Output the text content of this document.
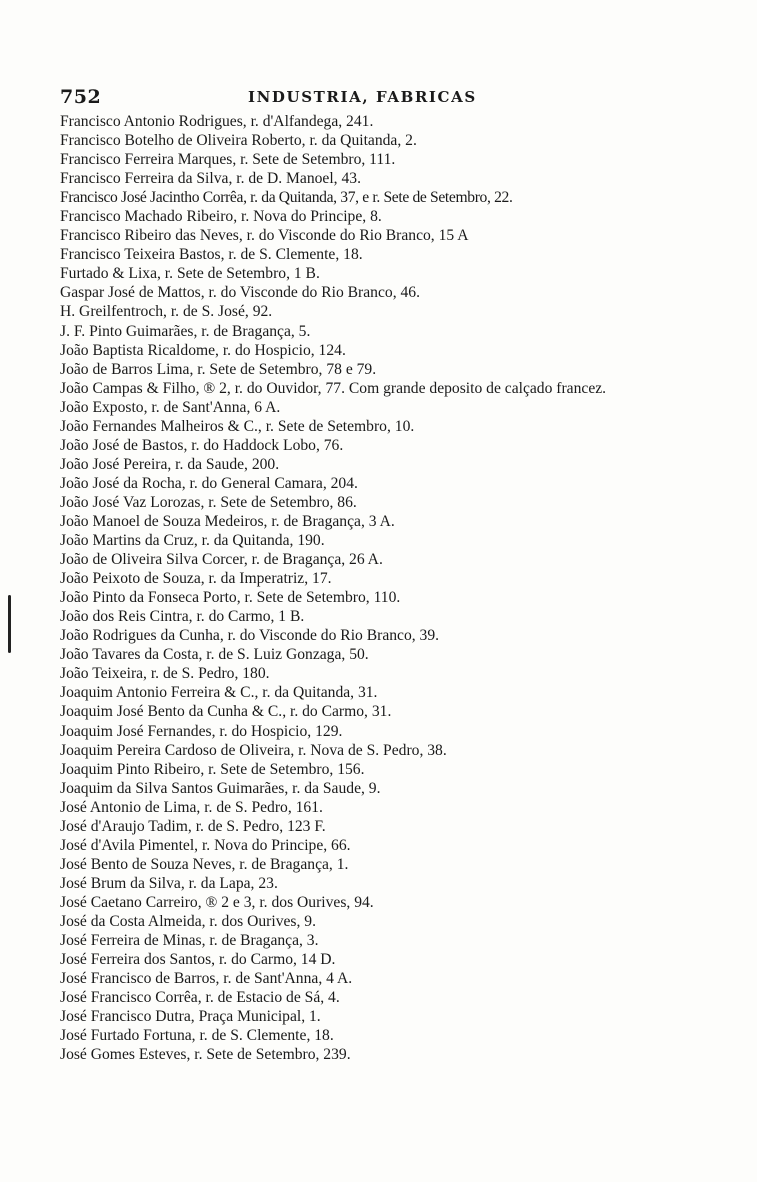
752	INDUSTRIA, FABRICAS
Francisco Antonio Rodrigues, r. d'Alfandega, 241.
Francisco Botelho de Oliveira Roberto, r. da Quitanda, 2.
Francisco Ferreira Marques, r. Sete de Setembro, 111.
Francisco Ferreira da Silva, r. de D. Manoel, 43.
Francisco José Jacintho Corrêa, r. da Quitanda, 37, e r. Sete de Setembro, 22.
Francisco Machado Ribeiro, r. Nova do Principe, 8.
Francisco Ribeiro das Neves, r. do Visconde do Rio Branco, 15 A
Francisco Teixeira Bastos, r. de S. Clemente, 18.
Furtado & Lixa, r. Sete de Setembro, 1 B.
Gaspar José de Mattos, r. do Visconde do Rio Branco, 46.
H. Greilfentroch, r. de S. José, 92.
J. F. Pinto Guimarães, r. de Bragança, 5.
João Baptista Ricaldome, r. do Hospicio, 124.
João de Barros Lima, r. Sete de Setembro, 78 e 79.
João Campas & Filho, ® 2, r. do Ouvidor, 77. Com grande deposito de calçado francez.
João Exposto, r. de Sant'Anna, 6 A.
João Fernandes Malheiros & C., r. Sete de Setembro, 10.
João José de Bastos, r. do Haddock Lobo, 76.
João José Pereira, r. da Saude, 200.
João José da Rocha, r. do General Camara, 204.
João José Vaz Lorozas, r. Sete de Setembro, 86.
João Manoel de Souza Medeiros, r. de Bragança, 3 A.
João Martins da Cruz, r. da Quitanda, 190.
João de Oliveira Silva Corcer, r. de Bragança, 26 A.
João Peixoto de Souza, r. da Imperatriz, 17.
João Pinto da Fonseca Porto, r. Sete de Setembro, 110.
João dos Reis Cintra, r. do Carmo, 1 B.
João Rodrigues da Cunha, r. do Visconde do Rio Branco, 39.
João Tavares da Costa, r. de S. Luiz Gonzaga, 50.
João Teixeira, r. de S. Pedro, 180.
Joaquim Antonio Ferreira & C., r. da Quitanda, 31.
Joaquim José Bento da Cunha & C., r. do Carmo, 31.
Joaquim José Fernandes, r. do Hospicio, 129.
Joaquim Pereira Cardoso de Oliveira, r. Nova de S. Pedro, 38.
Joaquim Pinto Ribeiro, r. Sete de Setembro, 156.
Joaquim da Silva Santos Guimarães, r. da Saude, 9.
José Antonio de Lima, r. de S. Pedro, 161.
José d'Araujo Tadim, r. de S. Pedro, 123 F.
José d'Avila Pimentel, r. Nova do Principe, 66.
José Bento de Souza Neves, r. de Bragança, 1.
José Brum da Silva, r. da Lapa, 23.
José Caetano Carreiro, ® 2 e 3, r. dos Ourives, 94.
José da Costa Almeida, r. dos Ourives, 9.
José Ferreira de Minas, r. de Bragança, 3.
José Ferreira dos Santos, r. do Carmo, 14 D.
José Francisco de Barros, r. de Sant'Anna, 4 A.
José Francisco Corrêa, r. de Estacio de Sá, 4.
José Francisco Dutra, Praça Municipal, 1.
José Furtado Fortuna, r. de S. Clemente, 18.
José Gomes Esteves, r. Sete de Setembro, 239.
